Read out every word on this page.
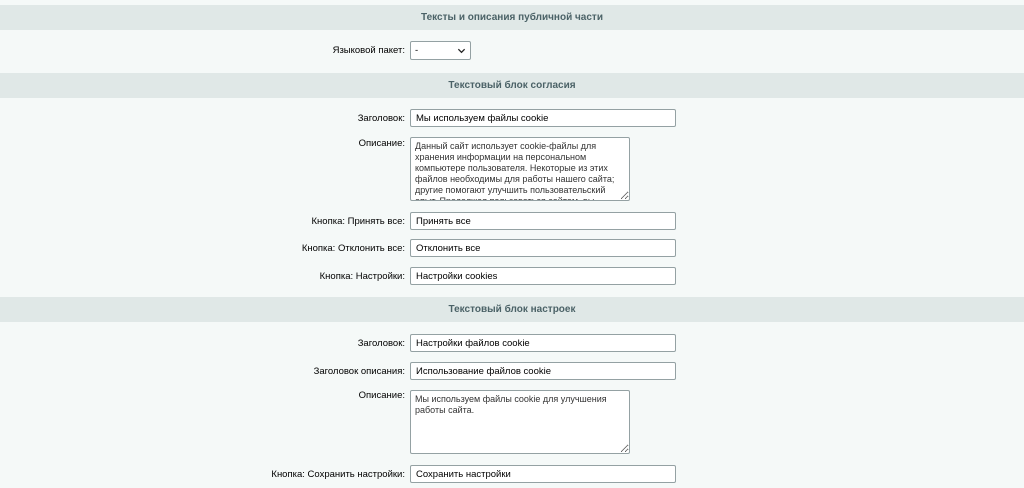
Тексты и описания публичной части
Языковой пакет: -
Текстовый блок согласия
Заголовок:
Мы используем файлы cookie
Описание:
Данный сайт использует cookie-файлы для хранения информации на персональном компьютере пользователя. Некоторые из этих файлов необходимы для работы нашего сайта; другие помогают улучшить пользовательский опыт. Продолжая пользоваться сайтом, вы соглашаетесь на использование файлов cookie.
Кнопка: Принять все:
Принять все
Кнопка: Отклонить все:
Отклонить все
Кнопка: Настройки:
Настройки cookies
Текстовый блок настроек
Заголовок:
Настройки файлов cookie
Заголовок описания:
Использование файлов cookie
Описание:
Мы используем файлы cookie для улучшения работы сайта.
Кнопка: Сохранить настройки:
Сохранить настройки
